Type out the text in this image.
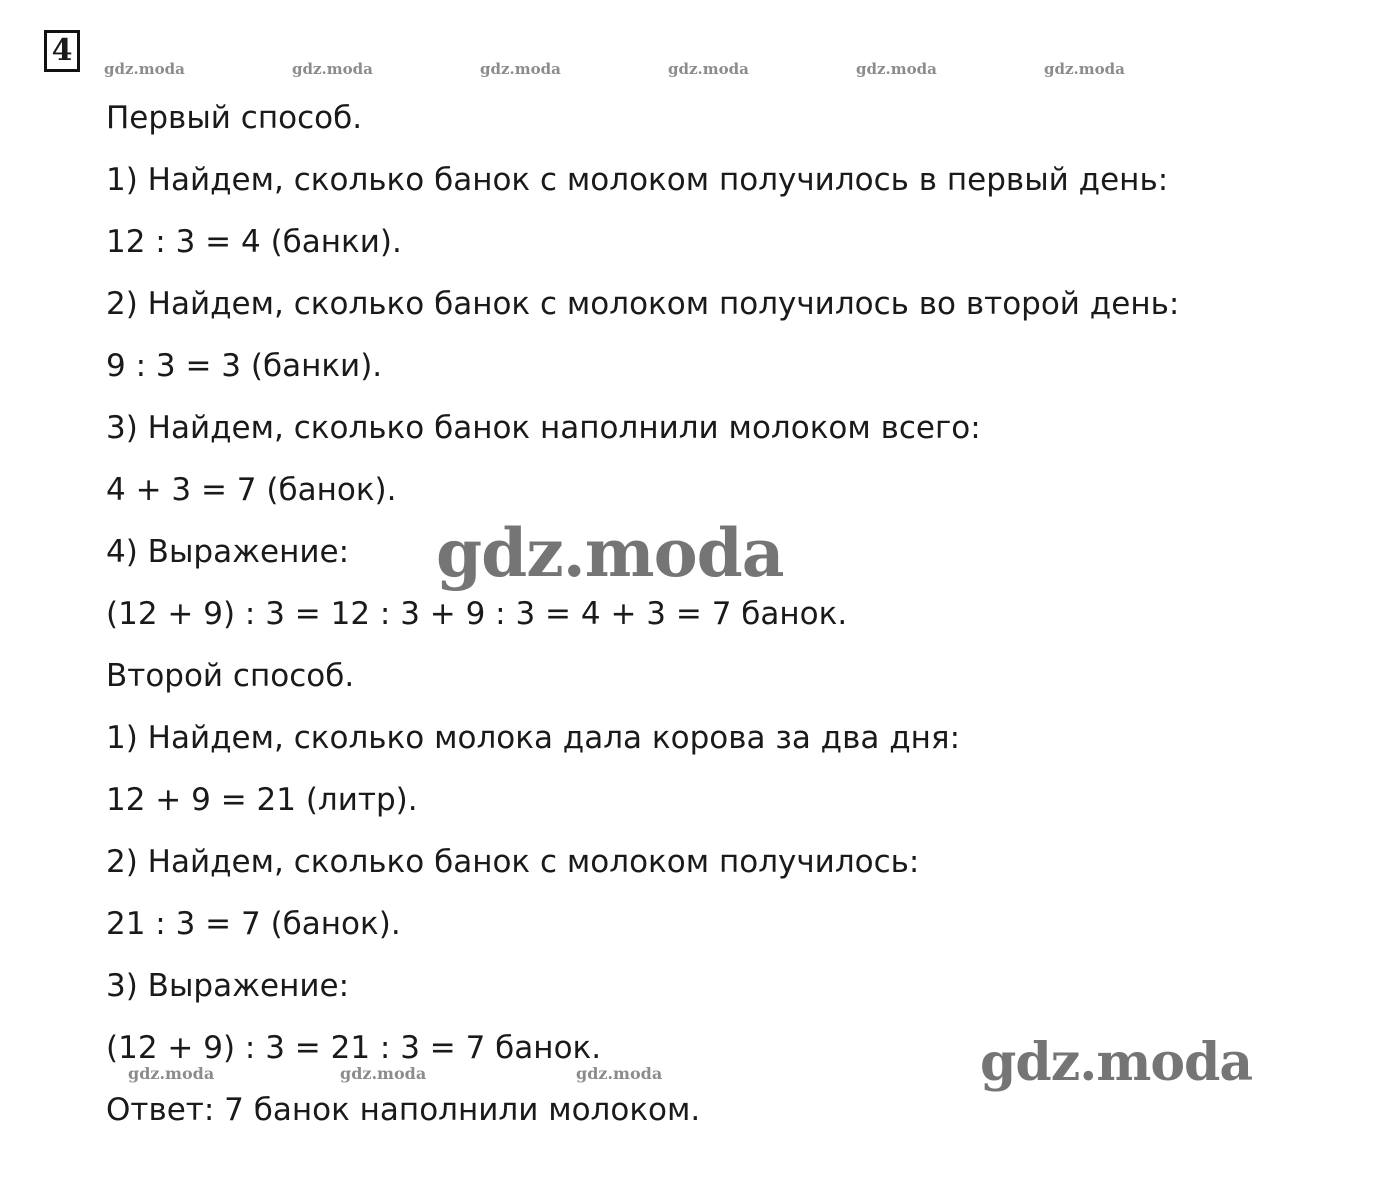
4
gdz.moda	gdz.moda	gdz.moda	gdz.moda	gdz.moda	gdz.moda
gdz.moda
gdz.moda
gdz.moda	gdz.moda	gdz.moda
Первый способ.
1) Найдем, сколько банок с молоком получилось в первый день:
12 : 3 = 4 (банки).
2) Найдем, сколько банок с молоком получилось во второй день:
9 : 3 = 3 (банки).
3) Найдем, сколько банок наполнили молоком всего:
4 + 3 = 7 (банок).
4) Выражение:
(12 + 9) : 3 = 12 : 3 + 9 : 3 = 4 + 3 = 7 банок.
Второй способ.
1) Найдем, сколько молока дала корова за два дня:
12 + 9 = 21 (литр).
2) Найдем, сколько банок с молоком получилось:
21 : 3 = 7 (банок).
3) Выражение:
(12 + 9) : 3 = 21 : 3 = 7 банок.
Ответ: 7 банок наполнили молоком.
